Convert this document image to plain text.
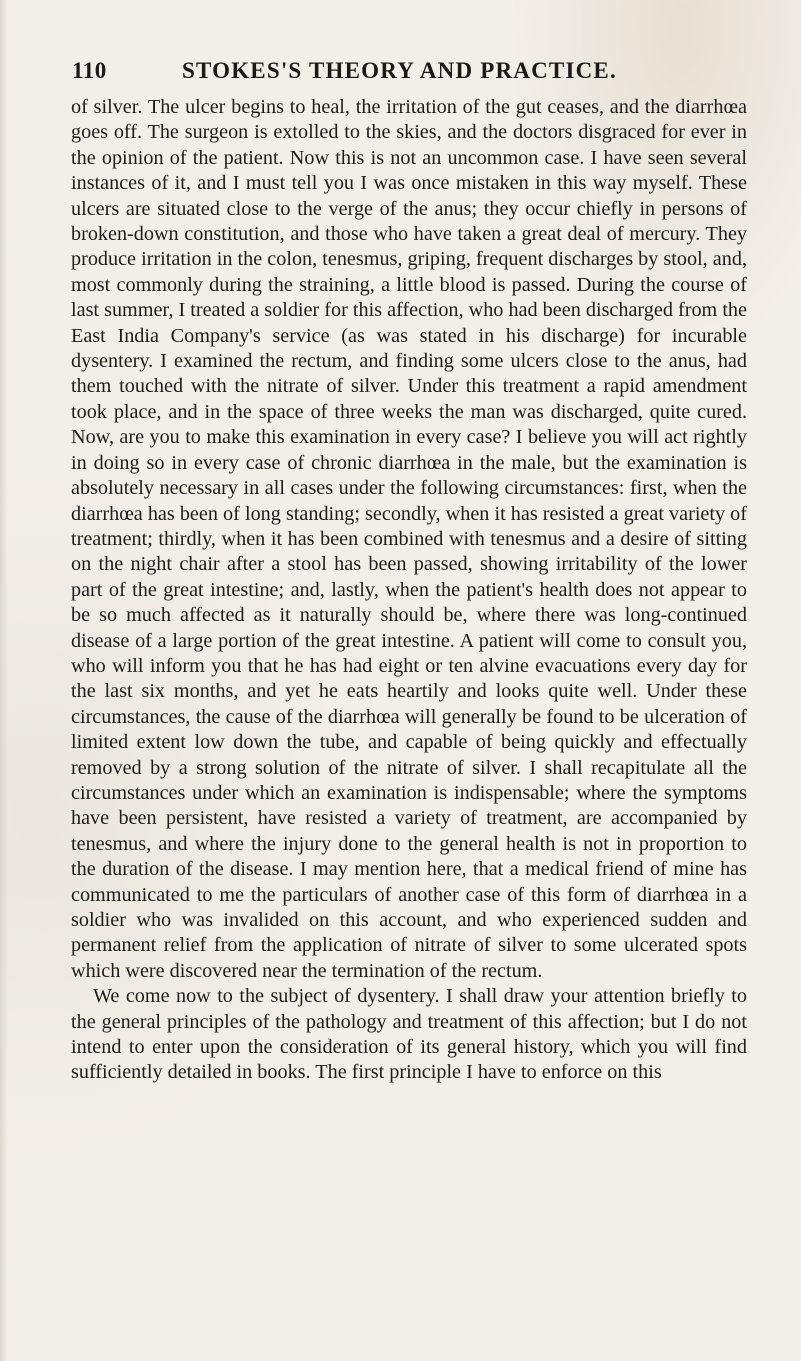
110	STOKES'S THEORY AND PRACTICE.

of silver. The ulcer begins to heal, the irritation of the gut ceases, and the diarrhœa goes off. The surgeon is extolled to the skies, and the doctors disgraced for ever in the opinion of the patient. Now this is not an uncommon case. I have seen several instances of it, and I must tell you I was once mistaken in this way myself. These ulcers are situated close to the verge of the anus; they occur chiefly in persons of broken-down constitution, and those who have taken a great deal of mercury. They produce irritation in the colon, tenesmus, griping, frequent discharges by stool, and, most commonly during the straining, a little blood is passed. During the course of last summer, I treated a soldier for this affection, who had been discharged from the East India Company's service (as was stated in his discharge) for incurable dysentery. I examined the rectum, and finding some ulcers close to the anus, had them touched with the nitrate of silver. Under this treatment a rapid amendment took place, and in the space of three weeks the man was discharged, quite cured. Now, are you to make this examination in every case? I believe you will act rightly in doing so in every case of chronic diarrhœa in the male, but the examination is absolutely necessary in all cases under the following circumstances: first, when the diarrhœa has been of long standing; secondly, when it has resisted a great variety of treatment; thirdly, when it has been combined with tenesmus and a desire of sitting on the night chair after a stool has been passed, showing irritability of the lower part of the great intestine; and, lastly, when the patient's health does not appear to be so much affected as it naturally should be, where there was long-continued disease of a large portion of the great intestine. A patient will come to consult you, who will inform you that he has had eight or ten alvine evacuations every day for the last six months, and yet he eats heartily and looks quite well. Under these circumstances, the cause of the diarrhœa will generally be found to be ulceration of limited extent low down the tube, and capable of being quickly and effectually removed by a strong solution of the nitrate of silver. I shall recapitulate all the circumstances under which an examination is indispensable; where the symptoms have been persistent, have resisted a variety of treatment, are accompanied by tenesmus, and where the injury done to the general health is not in proportion to the duration of the disease. I may mention here, that a medical friend of mine has communicated to me the particulars of another case of this form of diarrhœa in a soldier who was invalided on this account, and who experienced sudden and permanent relief from the application of nitrate of silver to some ulcerated spots which were discovered near the termination of the rectum.

We come now to the subject of dysentery. I shall draw your attention briefly to the general principles of the pathology and treatment of this affection; but I do not intend to enter upon the consideration of its general history, which you will find sufficiently detailed in books. The first principle I have to enforce on this
